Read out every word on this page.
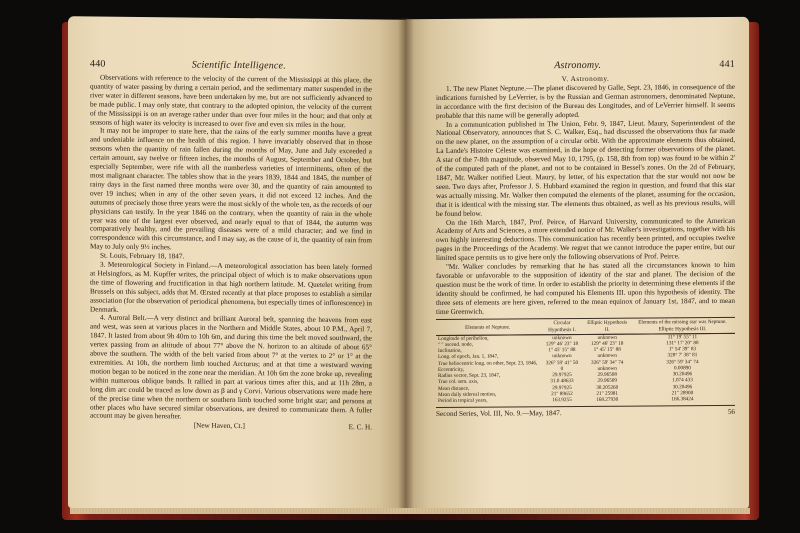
440	Scientific Intelligence.

Observations with reference to the velocity of the current of the Mississippi at this place, the quantity of water passing by during a certain period, and the sedimentary matter suspended in the river water in different seasons, have been undertaken by me, but are not sufficiently advanced to be made public. I may only state, that contrary to the adopted opinion, the velocity of the current of the Mississippi is on an average rather under than over four miles in the hour; and that only at seasons of high water its velocity is increased to over five and even six miles in the hour.

It may not be improper to state here, that the rains of the early summer months have a great and undeniable influence on the health of this region. I have invariably observed that in those seasons when the quantity of rain fallen during the months of May, June and July exceeded a certain amount, say twelve or fifteen inches, the months of August, September and October, but especially September, were rife with all the numberless varieties of intermittents, often of the most malignant character. The tables show that in the years 1839, 1844 and 1845, the number of rainy days in the first named three months were over 30, and the quantity of rain amounted to over 19 inches; when in any of the other seven years, it did not exceed 12 inches. And the autumns of precisely those three years were the most sickly of the whole ten, as the records of our physicians can testify. In the year 1846 on the contrary, when the quantity of rain in the whole year was one of the largest ever observed, and nearly equal to that of 1844, the autumn was comparatively healthy, and the prevailing diseases were of a mild character; and we find in correspondence with this circumstance, and I may say, as the cause of it, the quantity of rain from May to July only 9½ inches.

St. Louis, February 18, 1847.

3. Meteorological Society in Finland.—A meteorological association has been lately formed at Helsingfors, as M. Kupffer writes, the principal object of which is to make observations upon the time of flowering and fructification in that high northern latitude. M. Quetelet writing from Brussels on this subject, adds that M. Œrsted recently at that place proposes to establish a similar association (for the observation of periodical phenomena, but especially times of inflorescence) in Denmark.

4. Auroral Belt.—A very distinct and brilliant Auroral belt, spanning the heavens from east and west, was seen at various places in the Northern and Middle States, about 10 P.M., April 7, 1847. It lasted from about 9h 40m to 10h 6m, and during this time the belt moved southward, the vertex passing from an altitude of about 77° above the N. horizon to an altitude of about 65° above the southern. The width of the belt varied from about 7° at the vertex to 2° or 1° at the extremities. At 10h, the northern limb touched Arcturus; and at that time a westward waving motion began to be noticed in the zone near the meridian. At 10h 6m the zone broke up, revealing within numerous oblique bands. It rallied in part at various times after this, and at 11h 28m, a long dim arc could be traced as low down as β and γ Corvi. Various observations were made here of the precise time when the northern or southern limb touched some bright star; and persons at other places who have secured similar observations, are desired to communicate them. A fuller account may be given hereafter.

[New Haven, Ct.]	E. C. H.

Astronomy.	441

V. Astronomy.

1. The new Planet Neptune.—The planet discovered by Galle, Sept. 23, 1846, in consequence of the indications furnished by LeVerrier, is by the Russian and German astronomers, denominated Neptune, in accordance with the first decision of the Bureau des Longitudes, and of LeVerrier himself. It seems probable that this name will be generally adopted.

In a communication published in The Union, Febr. 9, 1847, Lieut. Maury, Superintendent of the National Observatory, announces that S. C. Walker, Esq., had discussed the observations thus far made on the new planet, on the assumption of a circular orbit. With the approximate elements thus obtained, La Lande's Histoire Céleste was examined, in the hope of detecting former observations of the planet. A star of the 7-8th magnitude, observed May 10, 1795, (p. 158, 8th from top) was found to be within 2' of the computed path of the planet, and not to be contained in Bessel's zones. On the 2d of February, 1847, Mr. Walker notified Lieut. Maury, by letter, of his expectation that the star would not now be seen. Two days after, Professor J. S. Hubbard examined the region in question, and found that this star was actually missing. Mr. Walker then computed the elements of the planet, assuming for the occasion, that it is identical with the missing star. The elements thus obtained, as well as his previous results, will be found below.

On the 16th March, 1847, Prof. Peirce, of Harvard University, communicated to the American Academy of Arts and Sciences, a more extended notice of Mr. Walker's investigations, together with his own highly interesting deductions. This communication has recently been printed, and occupies twelve pages in the Proceedings of the Academy. We regret that we cannot introduce the paper entire, but our limited space permits us to give here only the following observations of Prof. Peirce.

"Mr. Walker concludes by remarking that he has stated all the circumstances known to him favorable or unfavorable to the supposition of identity of the star and planet. The decision of the question must be the work of time. In order to establish the priority in determining these elements if the identity should be confirmed, he had computed his Elements III. upon this hypothesis of identity. The three sets of elements are here given, referred to the mean equinox of January 1st, 1847, and to mean time Greenwich.

Elements of Neptune.	Circular Hypothesis I.	Elliptic Hypothesis II.	Elements of the missing star was Neptune. Elliptic Hypothesis III.
Longitude of perihelion,	unknown	unknown	11° 19' 55" 11
" " ascend. node,	129° 46' 23" 18	129° 46' 23" 18	131° 17' 20" 88
Inclination,	1° 45' 15" 88	1° 45' 15" 88	1° 54' 39" 83
Long. of epoch, Jan. 1, 1847,	unknown	unknown	328° 7' 38" 81
True heliocentric long. on other, Sept. 23, 1846,	326° 59' 41" 50	326° 59' 34" 74	326° 59' 34" 74
Eccentricity,	0	unknown	0.00890
Radius vector, Sept. 23, 1847,	29.97925	29.96508	30.20496
True col. sem. axis,	31.0 48633	29.96509	1.074 433
Mean distance,	29.97925	30.205260	30.20496
Mean daily sidereal motion,	21" 89652	21" 25981	21" 28900
Period in tropical years,	163.9255	168.27930	166.38424
Second Series, Vol. III, No. 9.—May, 1847.	56
